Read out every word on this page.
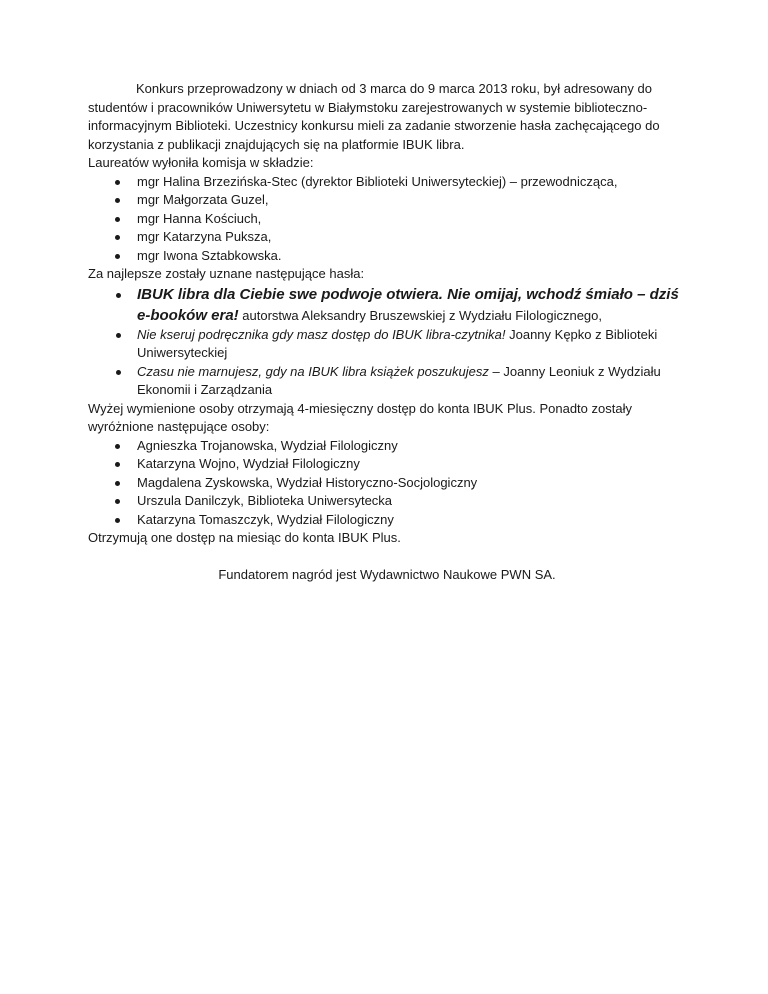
Konkurs przeprowadzony w dniach od 3 marca do 9 marca 2013 roku, był adresowany do studentów i pracowników Uniwersytetu w Białymstoku zarejestrowanych w systemie biblioteczno-informacyjnym Biblioteki. Uczestnicy konkursu mieli za zadanie stworzenie hasła zachęcającego do korzystania z publikacji znajdujących się na platformie IBUK libra.

Laureatów wyłoniła komisja w składzie:

mgr Halina Brzezińska-Stec (dyrektor Biblioteki Uniwersyteckiej) – przewodnicząca,
mgr Małgorzata Guzel,
mgr Hanna Kościuch,
mgr Katarzyna Puksza,
mgr Iwona Sztabkowska.

Za najlepsze zostały uznane następujące hasła:

IBUK libra dla Ciebie swe podwoje otwiera. Nie omijaj, wchodź śmiało – dziś e-booków era! autorstwa Aleksandry Bruszewskiej z Wydziału Filologicznego,
Nie kseruj podręcznika gdy masz dostęp do IBUK libra-czytnika! Joanny Kępko z Biblioteki Uniwersyteckiej
Czasu nie marnujesz, gdy na IBUK libra książek poszukujesz – Joanny Leoniuk z Wydziału Ekonomii i Zarządzania

Wyżej wymienione osoby otrzymają 4-miesięczny dostęp do konta IBUK Plus. Ponadto zostały wyróżnione następujące osoby:

Agnieszka Trojanowska, Wydział Filologiczny
Katarzyna Wojno, Wydział Filologiczny
Magdalena Zyskowska, Wydział Historyczno-Socjologiczny
Urszula Danilczyk, Biblioteka Uniwersytecka
Katarzyna Tomaszczyk, Wydział Filologiczny

Otrzymują one dostęp na miesiąc do konta IBUK Plus.

Fundatorem nagród jest Wydawnictwo Naukowe PWN SA.
